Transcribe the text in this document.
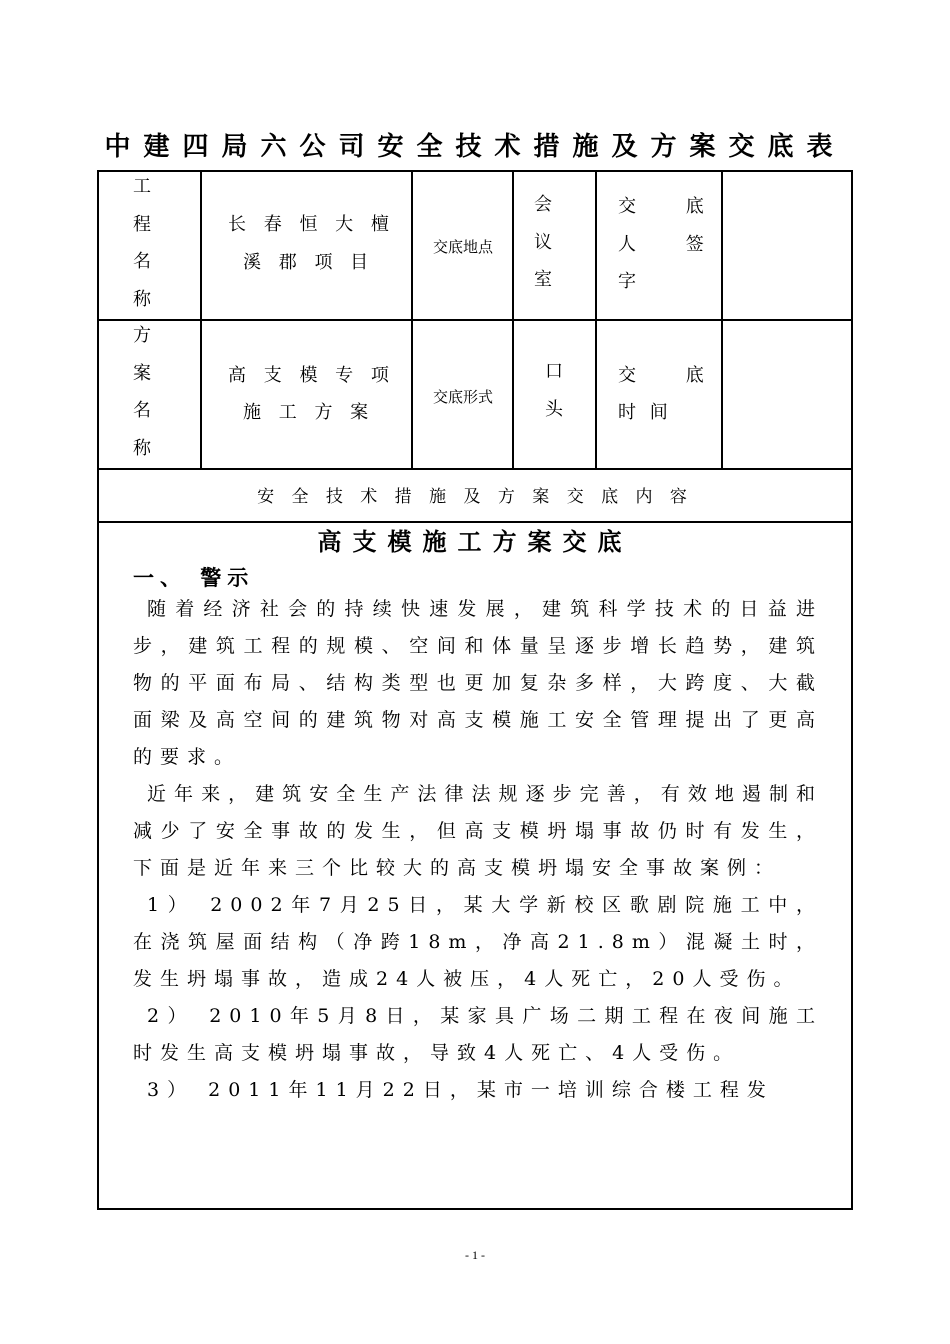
中建四局六公司安全技术措施及方案交底表
工
程
名
称
长 春 恒 大 檀
溪 郡 项 目
交底地点
会
议
室
交 底
人 签
字
方
案
名
称
高 支 模 专 项
施 工 方 案
交底形式
口
头
交 底
时 间
安 全 技 术 措 施 及 方 案 交 底 内 容
高支模施工方案交底
一、 警示
随着经济社会的持续快速发展，建筑科学技术的日益进步，建筑工程的规模、空间和体量呈逐步增长趋势，建筑物的平面布局、结构类型也更加复杂多样，大跨度、大截面梁及高空间的建筑物对高支模施工安全管理提出了更高的要求。
近年来，建筑安全生产法律法规逐步完善，有效地遏制和减少了安全事故的发生，但高支模坍塌事故仍时有发生，下面是近年来三个比较大的高支模坍塌安全事故案例：
1） 2002年7月25日，某大学新校区歌剧院施工中，在浇筑屋面结构（净跨18m，净高21.8m）混凝土时，发生坍塌事故，造成24人被压，4人死亡，20人受伤。
2） 2010年5月8日，某家具广场二期工程在夜间施工时发生高支模坍塌事故，导致4人死亡、4人受伤。
3） 2011年11月22日，某市一培训综合楼工程发
- 1 -
